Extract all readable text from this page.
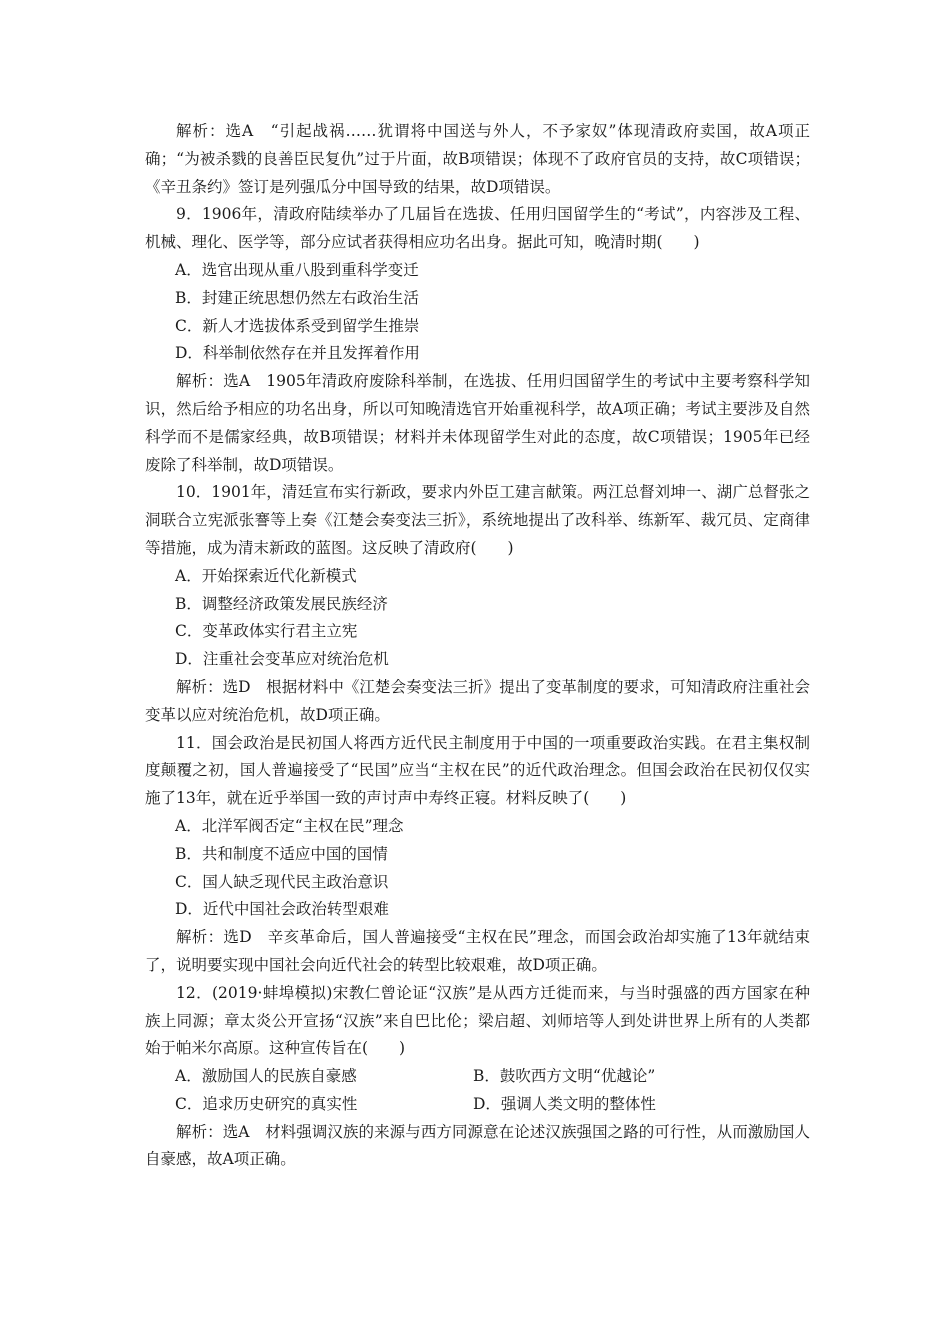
解析：选A　“引起战祸……犹谓将中国送与外人，不予家奴”体现清政府卖国，故A项正确；“为被杀戮的良善臣民复仇”过于片面，故B项错误；体现不了政府官员的支持，故C项错误；《辛丑条约》签订是列强瓜分中国导致的结果，故D项错误。

9．1906年，清政府陆续举办了几届旨在选拔、任用归国留学生的“考试”，内容涉及工程、机械、理化、医学等，部分应试者获得相应功名出身。据此可知，晚清时期(　　)

A．选官出现从重八股到重科学变迁

B．封建正统思想仍然左右政治生活

C．新人才选拔体系受到留学生推崇

D．科举制依然存在并且发挥着作用

解析：选A　1905年清政府废除科举制，在选拔、任用归国留学生的考试中主要考察科学知识，然后给予相应的功名出身，所以可知晚清选官开始重视科学，故A项正确；考试主要涉及自然科学而不是儒家经典，故B项错误；材料并未体现留学生对此的态度，故C项错误；1905年已经废除了科举制，故D项错误。

10．1901年，清廷宣布实行新政，要求内外臣工建言献策。两江总督刘坤一、湖广总督张之洞联合立宪派张謇等上奏《江楚会奏变法三折》，系统地提出了改科举、练新军、裁冗员、定商律等措施，成为清末新政的蓝图。这反映了清政府(　　)

A．开始探索近代化新模式

B．调整经济政策发展民族经济

C．变革政体实行君主立宪

D．注重社会变革应对统治危机

解析：选D　根据材料中《江楚会奏变法三折》提出了变革制度的要求，可知清政府注重社会变革以应对统治危机，故D项正确。

11．国会政治是民初国人将西方近代民主制度用于中国的一项重要政治实践。在君主集权制度颠覆之初，国人普遍接受了“民国”应当“主权在民”的近代政治理念。但国会政治在民初仅仅实施了13年，就在近乎举国一致的声讨声中寿终正寝。材料反映了(　　)

A．北洋军阀否定“主权在民”理念

B．共和制度不适应中国的国情

C．国人缺乏现代民主政治意识

D．近代中国社会政治转型艰难

解析：选D　辛亥革命后，国人普遍接受“主权在民”理念，而国会政治却实施了13年就结束了，说明要实现中国社会向近代社会的转型比较艰难，故D项正确。

12．(2019·蚌埠模拟)宋教仁曾论证“汉族”是从西方迁徙而来，与当时强盛的西方国家在种族上同源；章太炎公开宣扬“汉族”来自巴比伦；梁启超、刘师培等人到处讲世界上所有的人类都始于帕米尔高原。这种宣传旨在(　　)

A．激励国人的民族自豪感	B．鼓吹西方文明“优越论”
C．追求历史研究的真实性	D．强调人类文明的整体性

解析：选A　材料强调汉族的来源与西方同源意在论述汉族强国之路的可行性，从而激励国人自豪感，故A项正确。
